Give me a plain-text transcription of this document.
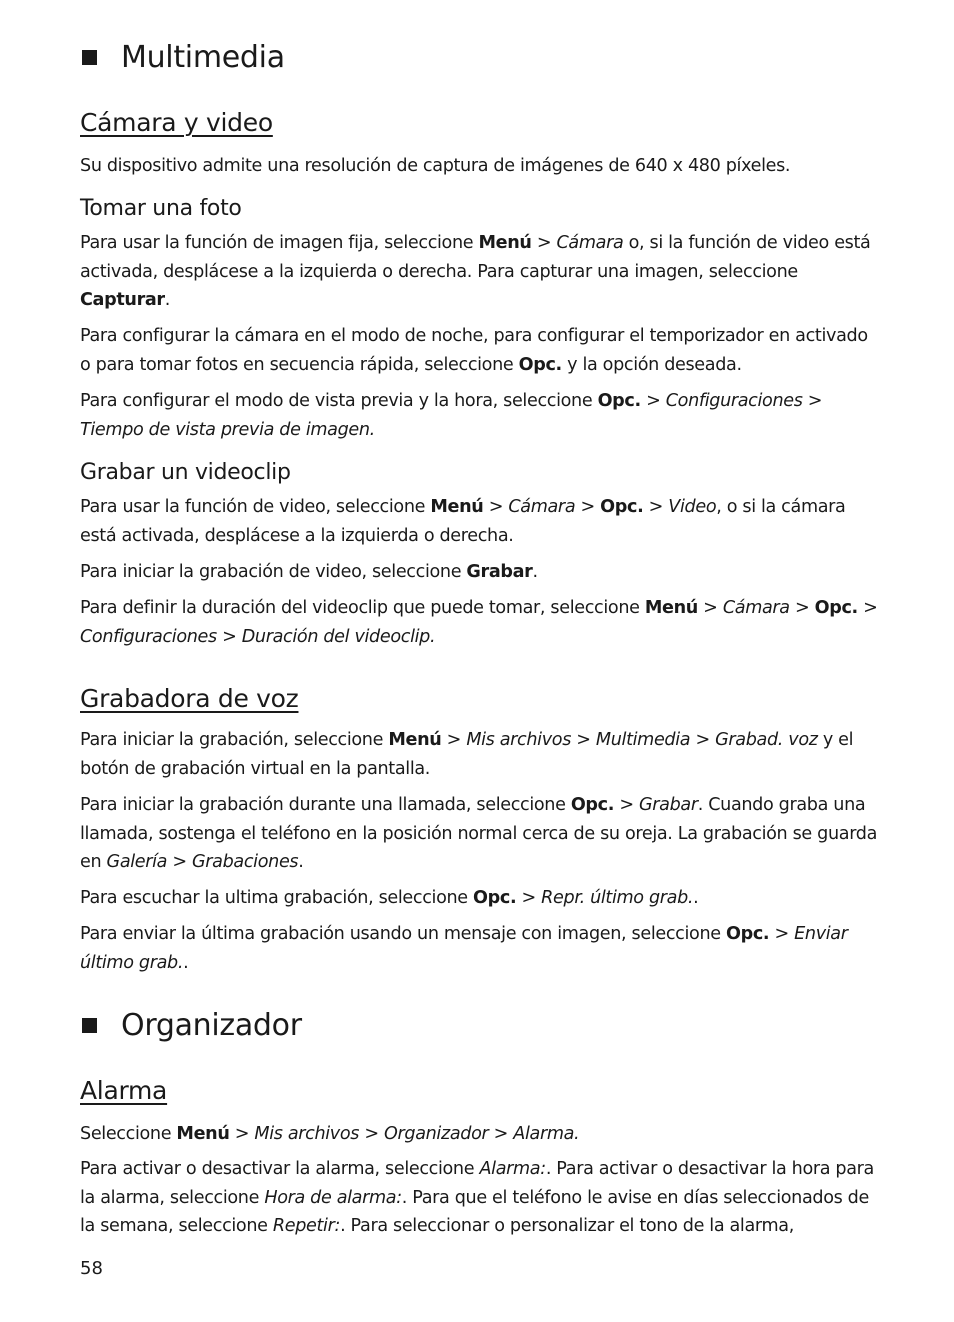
Multimedia
Cámara y video
Su dispositivo admite una resolución de captura de imágenes de 640 x 480 píxeles.
Tomar una foto
Para usar la función de imagen fija, seleccione Menú > Cámara o, si la función de video está
activada, desplácese a la izquierda o derecha. Para capturar una imagen, seleccione
Capturar.
Para configurar la cámara en el modo de noche, para configurar el temporizador en activado
o para tomar fotos en secuencia rápida, seleccione Opc. y la opción deseada.
Para configurar el modo de vista previa y la hora, seleccione Opc. > Configuraciones >
Tiempo de vista previa de imagen.
Grabar un videoclip
Para usar la función de video, seleccione Menú > Cámara > Opc. > Video, o si la cámara
está activada, desplácese a la izquierda o derecha.
Para iniciar la grabación de video, seleccione Grabar.
Para definir la duración del videoclip que puede tomar, seleccione Menú > Cámara > Opc. >
Configuraciones > Duración del videoclip.
Grabadora de voz
Para iniciar la grabación, seleccione Menú > Mis archivos > Multimedia > Grabad. voz y el
botón de grabación virtual en la pantalla.
Para iniciar la grabación durante una llamada, seleccione Opc. > Grabar. Cuando graba una
llamada, sostenga el teléfono en la posición normal cerca de su oreja. La grabación se guarda
en Galería > Grabaciones.
Para escuchar la ultima grabación, seleccione Opc. > Repr. último grab..
Para enviar la última grabación usando un mensaje con imagen, seleccione Opc. > Enviar
último grab..
Organizador
Alarma
Seleccione Menú > Mis archivos > Organizador > Alarma.
Para activar o desactivar la alarma, seleccione Alarma:. Para activar o desactivar la hora para
la alarma, seleccione Hora de alarma:. Para que el teléfono le avise en días seleccionados de
la semana, seleccione Repetir:. Para seleccionar o personalizar el tono de la alarma,
58
